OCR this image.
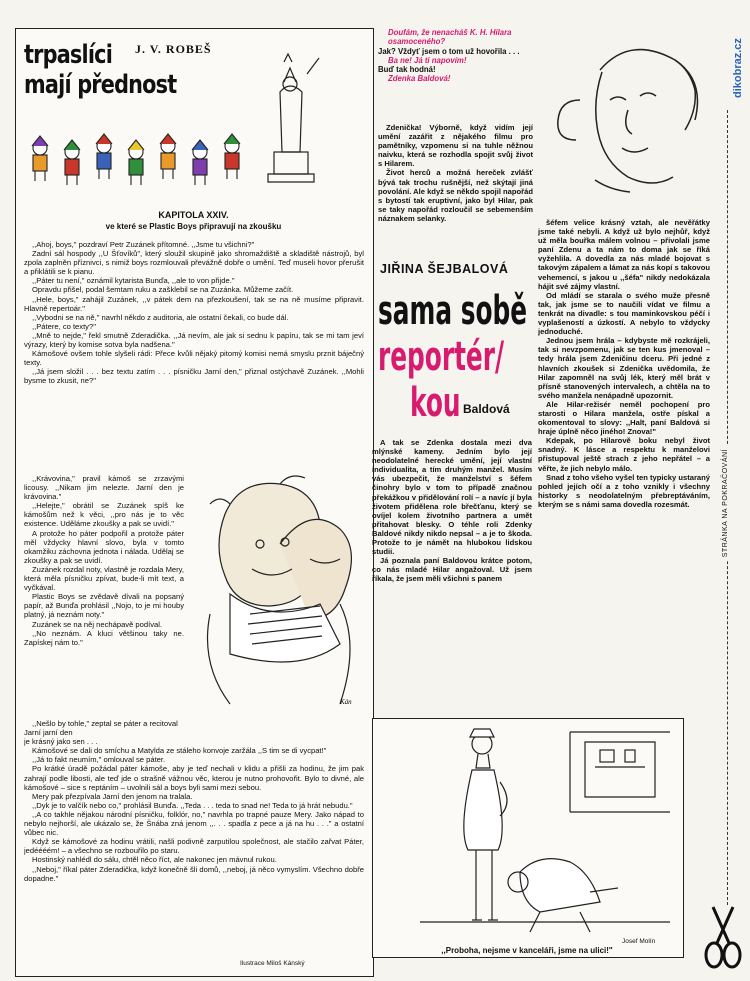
dikobraz.cz
STRÁNKA NA POKRAČOVÁNÍ
trpaslíci
mají přednost
J. V. ROBEŠ
KAPITOLA XXIV.
ve které se Plastic Boys připravují na zkoušku

,,Ahoj, boys," pozdraví Petr Zuzánek přítomné. ,,Jsme tu všichni?"

Zadní sál hospody ,,U Šťovíků", který sloužil skupině jako shromaždiště a skladiště nástrojů, byl zpola zaplněn příznivci, s nimiž boys rozmlouvali převážně dobře o umění. Teď museli hovor přerušit a přiklátili se k pianu.

,,Páter tu není," oznámil kytarista Bunďa, ,,ale to von přijde."

Opravdu přišel, podal šemtam ruku a zašklebil se na Zuzánka. Můžeme začít.

,,Hele, boys," zahájil Zuzánek, ,,v pátek dem na přezkoušení, tak se na ně musíme připravit. Hlavně repertoár."

,,Vybodni se na ně," navrhl někdo z auditoria, ale ostatní čekali, co bude dál.

,,Pátere, co texty?"

,,Mně to nejde," řekl smutně Zderadička. ,,Já nevím, ale jak si sednu k papíru, tak se mi tam jeví výrazy, který by komise sotva byla nadšena."

Kámošové ovšem tohle slyšeli rádi: Přece kvůli nějaký pitomý komisi nemá smyslu prznit báječný texty.

,,Já jsem složil . . . bez textu zatím . . . písničku Jarní den," přiznal ostýchavě Zuzánek. ,,Mohli bysme to zkusit, ne?"

Kán

,,Krávovina," pravil kámoš se zrzavými licousy. ,,Nikam jim nelezte. Jarní den je krávovina."

,,Helejte," obrátil se Zuzánek spíš ke kámošům než k věci, ,,pro nás je to věc existence. Uděláme zkoušky a pak se uvidí."

A protože ho páter podpořil a protože páter měl vždycky hlavní slovo, byla v tomto okamžiku záchovna jednota i nálada. Udělaj se zkoušky a pak se uvidí.

Zuzánek rozdal noty, vlastně je rozdala Mery, která měla písničku zpívat, bude-li mít text, a vyčkával.

Plastic Boys se zvědavě dívali na popsaný papír, až Bunďa prohlásil ,,Nojo, to je mi houby platný, já neznám noty."

Zuzánek se na něj nechápavě podíval.

,,No neznám. A kluci většinou taky ne. Zapískej nám to."

,,Nešlo by tohle," zeptal se páter a recitoval
Jarní jarní den
je krásný jako sen . . .

Kámošové se dali do smíchu a Matylda ze stáleho konvoje zaržála ,,S tim se di vycpat!"

,,Já to fakt neumím," omlouval se páter.

Po krátké úradě požádal páter kámoše, aby je teď nechali v klidu a přišli za hodinu, že jim pak zahrají podle libosti, ale teď jde o strašně vážnou věc, kterou je nutno prohovořit. Bylo to divné, ale kámošové – sice s reptáním – uvolnili sál a boys byli sami mezi sebou.

Mery pak přezpívala Jarní den jenom na tralala.

,,Dyk je to valčík nebo co," prohlásil Bunďa. ,,Teda . . . teda to snad ne! Teda to já hrát nebudu."

,,A co takhle nějakou národní písničku, folklór, no," navrhla po trapné pauze Mery. Jako nápad to nebylo nejhorší, ale ukázalo se, že Šnába zná jenom ,,. . . spadla z pece a já na hu . . ." a ostatní vůbec nic.

Když se kámošové za hodinu vrátili, našli podivně zarputilou společnost, ale stačilo zařvat Páter, jedéééém! – a všechno se rozbouřilo po staru.

Hostinský nahlédl do sálu, chtěl něco říct, ale nakonec jen mávnul rukou.

,,Neboj," říkal páter Zderadička, když konečně šli domů, ,,neboj, já něco vymyslím. Všechno dobře dopadne."

Ilustrace Miloš Kánský
Doufám, že nenacháš K. H. Hilara osamoceného?
Jak? Vždyť jsem o tom už hovořila . . .
Ba ne! Já ti napovím!
Buď tak hodná!
Zdenka Baldová!

Zdenička! Výborně, když vidím její umění zazářit z nějakého filmu pro pamětníky, vzpomenu si na tuhle něžnou naivku, která se rozhodla spojit svůj život s Hilarem.

Život herců a možná hereček zvlášť bývá tak trochu rušnější, než skýtají jiná povolání. Ale když se někdo spojil napořád s bytostí tak eruptivní, jako byl Hilar, pak se taky napořád rozloučil se sebemenším náznakem selanky.

JIŘINA ŠEJBALOVÁ
sama sobě
reportér/
kou Baldová

A tak se Zdenka dostala mezi dva mlýnské kameny. Jedním bylo její neodolatelné herecké umění, její vlastní individualita, a tím druhým manžel. Musím vás ubezpečit, že manželství s šéfem činohry bylo v tom to případě značnou překážkou v přidělování rolí – a navíc jí byla životem přidělena role břečťanu, který se ovíjel kolem životního partnera a umět přitahovat blesky. O téhle roli Zdenky Baldové nikdy nikdo nepsal – a je to škoda. Protože to je námět na hlubokou lidskou studii.

Já poznala paní Baldovou krátce potom, co nás mladé Hilar angažoval. Už jsem říkala, že jsem měli všichni s panem

šéfem velice krásný vztah, ale nevěřátky jsme také nebyli. A když už bylo nejhůř, když už měla bouřka málem volnou – přivolali jsme paní Zdenu a ta nám to doma jak se říká vyžehlila. A dovedla za nás mladé bojovat s takovým zápalem a lámat za nás kopí s takovou vehemencí, s jakou u ,,šéfa" nikdy nedokázala hájit své zájmy vlastní.

Od mládí se starala o svého muže přesně tak, jak jsme se to naučili vídat ve filmu a tenkrát na divadle: s tou maminkovskou péčí i vyplašeností a úzkostí. A nebylo to vždycky jednoduché.

Jednou jsem hrála – kdybyste mě rozkrájeli, tak si nevzpomenu, jak se ten kus jmenoval – tedy hrála jsem Zdeničinu dceru. Při jedné z hlavních zkoušek si Zdenička uvědomila, že Hilar zapomněl na svůj lék, který měl brát v přísně stanovených intervalech, a chtěla na to svého manžela nenápadně upozornit.

Ale Hilar-režisér neměl pochopení pro starosti o Hilara manžela, ostře pískal a okomentoval to slovy: ,,Halt, paní Baldová si hraje úplně něco jiného! Znova!"

Kdepak, po Hilarově boku nebyl život snadný. K lásce a respektu k manželovi přistupoval ještě strach z jeho nepřátel – a věřte, že jich nebylo málo.

Snad z toho všeho vyšel ten typicky ustaraný pohled jejích očí a z toho vznikly i všechny historky s neodolatelným přebreptáváním, kterým se s námi sama dovedla rozesmát.

Josef Molín
,,Proboha, nejsme v kanceláři, jsme na ulici!"
